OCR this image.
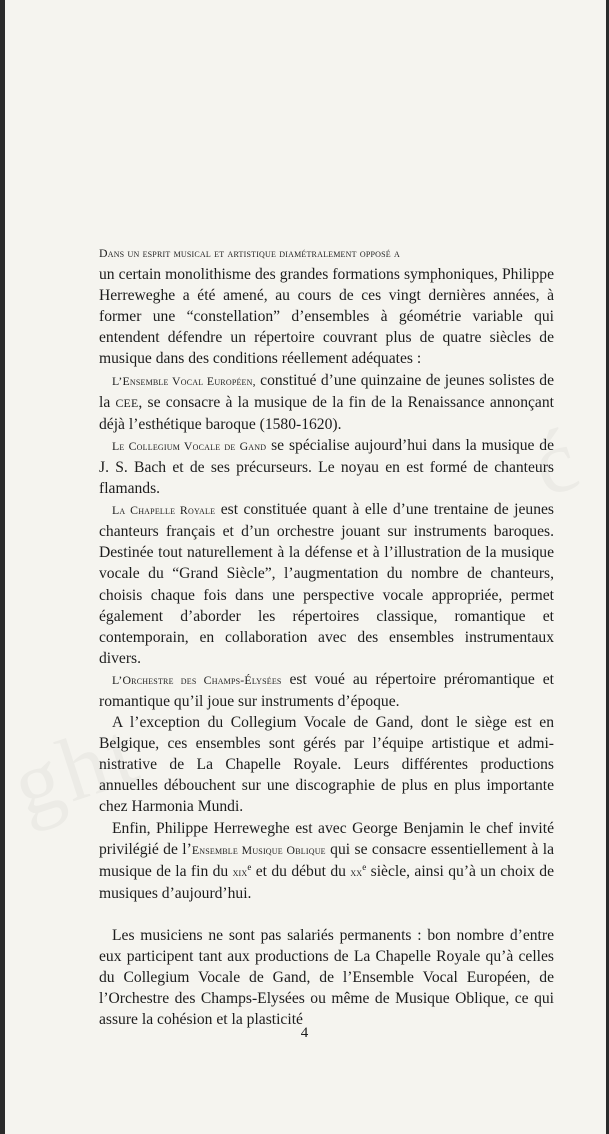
Dans un esprit musical et artistique diamétralement opposé a
un certain monolithisme des grandes formations symphoniques, Philippe Herreweghe a été amené, au cours de ces vingt dernières années, à former une “constellation” d’ensembles à géométrie variable qui entendent défendre un répertoire couvrant plus de quatre siècles de musique dans des conditions réellement adéquates :

L’Ensemble Vocal Européen, constitué d’une quinzaine de jeunes solistes de la CEE, se consacre à la musique de la fin de la Renaissance annonçant déjà l’esthétique baroque (1580-1620).

Le Collegium Vocale de Gand se spécialise aujourd’hui dans la musique de J. S. Bach et de ses précurseurs. Le noyau en est formé de chanteurs flamands.

La Chapelle Royale est constituée quant à elle d’une trentaine de jeunes chanteurs français et d’un orchestre jouant sur instruments baroques. Destinée tout naturellement à la défense et à l’illustration de la musique vocale du “Grand Siècle”, l’augmentation du nombre de chanteurs, choisis chaque fois dans une perspective vocale appropriée, permet également d’aborder les répertoires classique, romantique et contemporain, en collaboration avec des ensembles instrumentaux divers.

L’Orchestre des Champs-Élysées est voué au répertoire préromantique et romantique qu’il joue sur instruments d’époque.

A l’exception du Collegium Vocale de Gand, dont le siège est en Belgique, ces ensembles sont gérés par l’équipe artistique et administrative de La Chapelle Royale. Leurs différentes productions annuelles débouchent sur une discographie de plus en plus importante chez Harmonia Mundi.

Enfin, Philippe Herreweghe est avec George Benjamin le chef invité privilégié de l’Ensemble Musique Oblique qui se consacre essentiellement à la musique de la fin du xix$^e$ et du début du $xx^e$ siècle, ainsi qu’à un choix de musiques d’aujourd’hui.

Les musiciens ne sont pas salariés permanents : bon nombre d’entre eux participent tant aux productions de La Chapelle Royale qu’à celles du Collegium Vocale de Gand, de l’Ensemble Vocal Européen, de l’Orchestre des Champs-Elysées ou même de Musique Oblique, ce qui assure la cohésion et la plasticité

4
